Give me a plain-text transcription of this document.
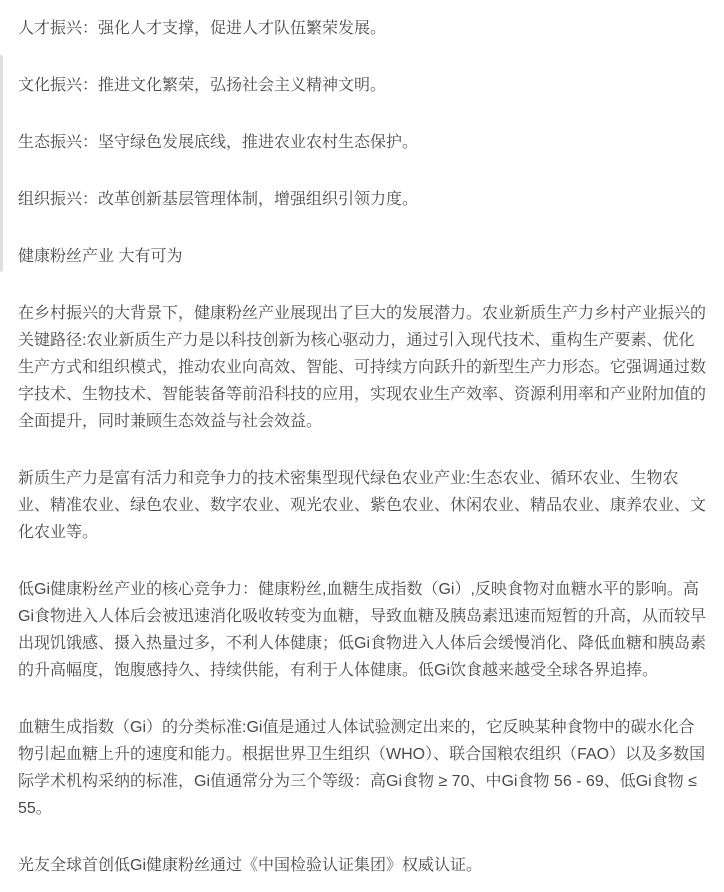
人才振兴：强化人才支撑，促进人才队伍繁荣发展。

文化振兴：推进文化繁荣，弘扬社会主义精神文明。

生态振兴：坚守绿色发展底线，推进农业农村生态保护。

组织振兴：改革创新基层管理体制，增强组织引领力度。

健康粉丝产业 大有可为

在乡村振兴的大背景下，健康粉丝产业展现出了巨大的发展潜力。农业新质生产力乡村产业振兴的关键路径:农业新质生产力是以科技创新为核心驱动力，通过引入现代技术、重构生产要素、优化生产方式和组织模式，推动农业向高效、智能、可持续方向跃升的新型生产力形态。它强调通过数字技术、生物技术、智能装备等前沿科技的应用，实现农业生产效率、资源利用率和产业附加值的全面提升，同时兼顾生态效益与社会效益。

新质生产力是富有活力和竞争力的技术密集型现代绿色农业产业:生态农业、循环农业、生物农业、精准农业、绿色农业、数字农业、观光农业、紫色农业、休闲农业、精品农业、康养农业、文化农业等。

低Gi健康粉丝产业的核心竞争力：健康粉丝,血糖生成指数（Gi）,反映食物对血糖水平的影响。高Gi食物进入人体后会被迅速消化吸收转变为血糖，导致血糖及胰岛素迅速而短暂的升高，从而较早出现饥饿感、摄入热量过多，不利人体健康；低Gi食物进入人体后会缓慢消化、降低血糖和胰岛素的升高幅度，饱腹感持久、持续供能，有利于人体健康。低Gi饮食越来越受全球各界追捧。

血糖生成指数（Gi）的分类标准:Gi值是通过人体试验测定出来的，它反映某种食物中的碳水化合物引起血糖上升的速度和能力。根据世界卫生组织（WHO）、联合国粮农组织（FAO）以及多数国际学术机构采纳的标准，Gi值通常分为三个等级：高Gi食物 ≥ 70、中Gi食物 56 - 69、低Gi食物 ≤ 55。

光友全球首创低Gi健康粉丝通过《中国检验认证集团》权威认证。
